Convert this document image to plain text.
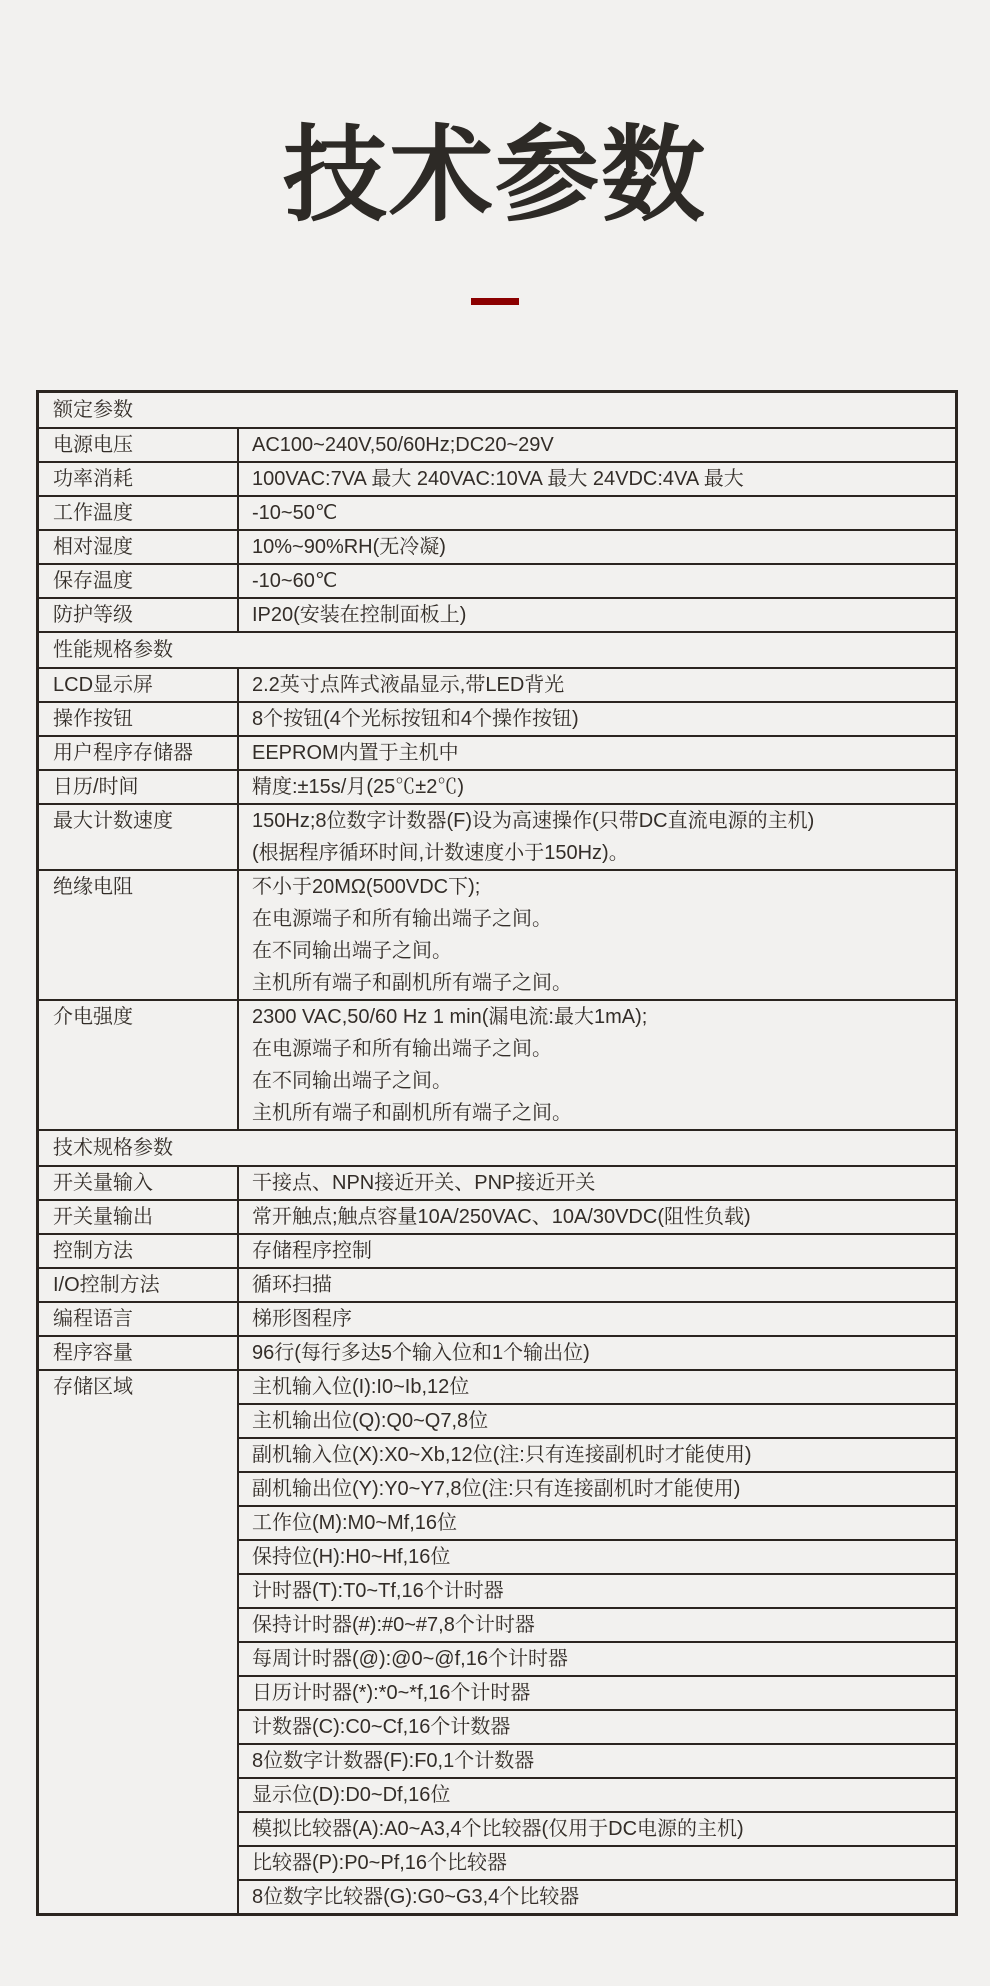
技术参数
额定参数
电源电压	AC100~240V,50/60Hz;DC20~29V
功率消耗	100VAC:7VA 最大 240VAC:10VA 最大 24VDC:4VA 最大
工作温度	-10~50℃
相对湿度	10%~90%RH(无冷凝)
保存温度	-10~60℃
防护等级	IP20(安装在控制面板上)
性能规格参数
LCD显示屏	2.2英寸点阵式液晶显示,带LED背光
操作按钮	8个按钮(4个光标按钮和4个操作按钮)
用户程序存储器	EEPROM内置于主机中
日历/时间	精度:±15s/月(25℃±2℃)
最大计数速度	150Hz;8位数字计数器(F)设为高速操作(只带DC直流电源的主机)
(根据程序循环时间,计数速度小于150Hz)。
绝缘电阻	不小于20MΩ(500VDC下);
在电源端子和所有输出端子之间。
在不同输出端子之间。
主机所有端子和副机所有端子之间。
介电强度	2300 VAC,50/60 Hz 1 min(漏电流:最大1mA);
在电源端子和所有输出端子之间。
在不同输出端子之间。
主机所有端子和副机所有端子之间。
技术规格参数
开关量输入	干接点、NPN接近开关、PNP接近开关
开关量输出	常开触点;触点容量10A/250VAC、10A/30VDC(阻性负载)
控制方法	存储程序控制
I/O控制方法	循环扫描
编程语言	梯形图程序
程序容量	96行(每行多达5个输入位和1个输出位)
存储区域	主机输入位(I):I0~Ib,12位
主机输出位(Q):Q0~Q7,8位
副机输入位(X):X0~Xb,12位(注:只有连接副机时才能使用)
副机输出位(Y):Y0~Y7,8位(注:只有连接副机时才能使用)
工作位(M):M0~Mf,16位
保持位(H):H0~Hf,16位
计时器(T):T0~Tf,16个计时器
保持计时器(#):#0~#7,8个计时器
每周计时器(@):@0~@f,16个计时器
日历计时器(*):*0~*f,16个计时器
计数器(C):C0~Cf,16个计数器
8位数字计数器(F):F0,1个计数器
显示位(D):D0~Df,16位
模拟比较器(A):A0~A3,4个比较器(仅用于DC电源的主机)
比较器(P):P0~Pf,16个比较器
8位数字比较器(G):G0~G3,4个比较器
